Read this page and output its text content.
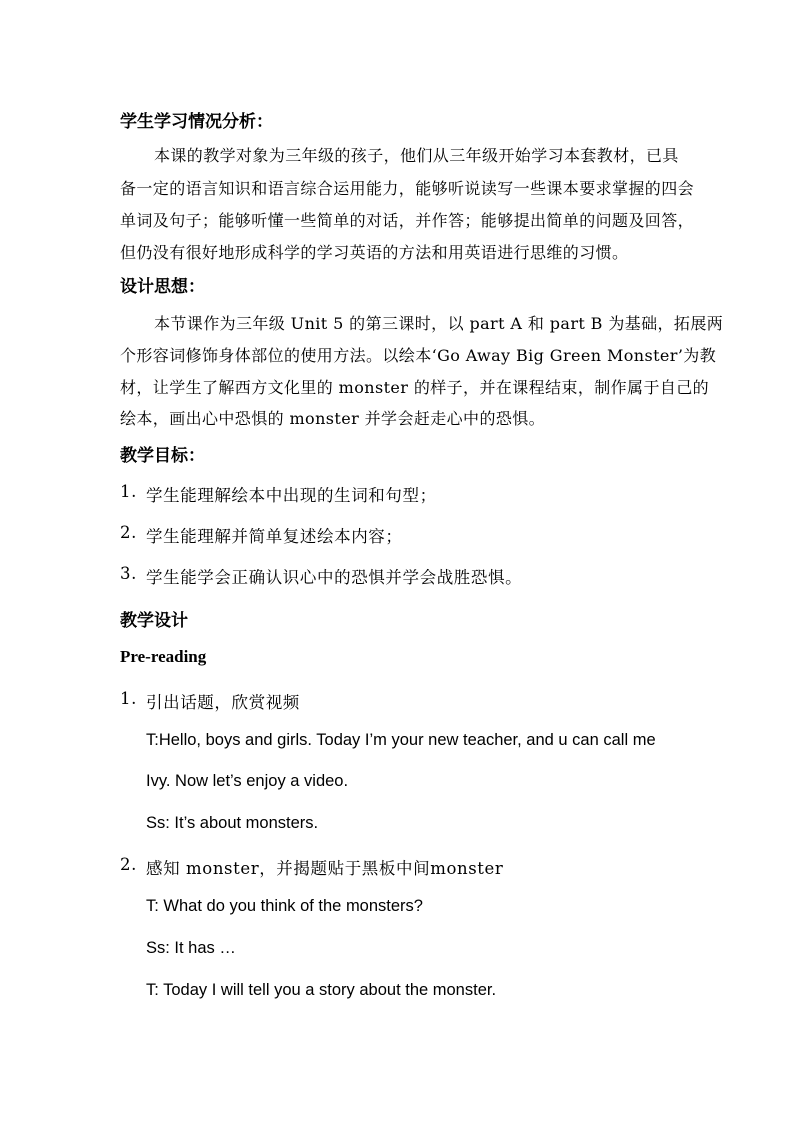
学生学习情况分析：
本课的教学对象为三年级的孩子，他们从三年级开始学习本套教材，已具
备一定的语言知识和语言综合运用能力，能够听说读写一些课本要求掌握的四会
单词及句子；能够听懂一些简单的对话，并作答；能够提出简单的问题及回答，
但仍没有很好地形成科学的学习英语的方法和用英语进行思维的习惯。
设计思想：
本节课作为三年级 Unit 5 的第三课时，以 part A 和 part B 为基础，拓展两
个形容词修饰身体部位的使用方法。以绘本‘Go Away Big Green Monster’为教
材，让学生了解西方文化里的 monster 的样子，并在课程结束，制作属于自己的
绘本，画出心中恐惧的 monster 并学会赶走心中的恐惧。
教学目标：
1. 学生能理解绘本中出现的生词和句型；
2. 学生能理解并简单复述绘本内容；
3. 学生能学会正确认识心中的恐惧并学会战胜恐惧。
教学设计
Pre-reading
1. 引出话题，欣赏视频
T:Hello, boys and girls. Today I’m your new teacher, and u can call me
Ivy. Now let’s enjoy a video.
Ss: It’s about monsters.
2. 感知 monster，并揭题贴于黑板中间monster
T: What do you think of the monsters?
Ss: It has …
T: Today I will tell you a story about the monster.
